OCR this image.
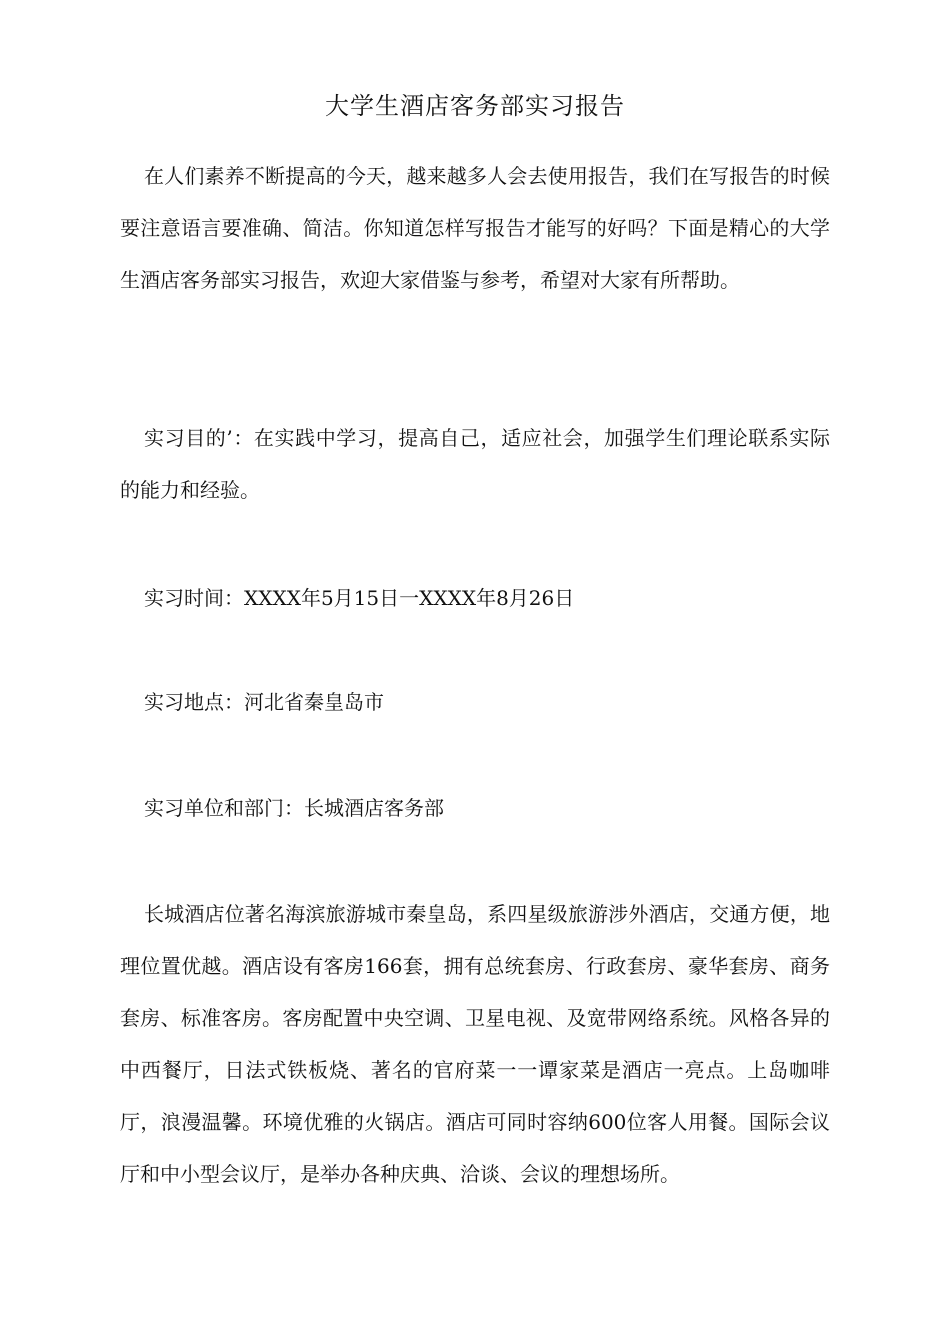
大学生酒店客务部实习报告

在人们素养不断提高的今天，越来越多人会去使用报告，我们在写报告的时候要注意语言要准确、简洁。你知道怎样写报告才能写的好吗？下面是精心的大学生酒店客务部实习报告，欢迎大家借鉴与参考，希望对大家有所帮助。

实习目的’：在实践中学习，提高自己，适应社会，加强学生们理论联系实际的能力和经验。

实习时间：XXXX年5月15日一XXXX年8月26日

实习地点：河北省秦皇岛市

实习单位和部门：长城酒店客务部

长城酒店位著名海滨旅游城市秦皇岛，系四星级旅游涉外酒店，交通方便，地理位置优越。酒店设有客房166套，拥有总统套房、行政套房、豪华套房、商务套房、标准客房。客房配置中央空调、卫星电视、及宽带网络系统。风格各异的中西餐厅，日法式铁板烧、著名的官府菜一一谭家菜是酒店一亮点。上岛咖啡厅，浪漫温馨。环境优雅的火锅店。酒店可同时容纳600位客人用餐。国际会议厅和中小型会议厅，是举办各种庆典、洽谈、会议的理想场所。
